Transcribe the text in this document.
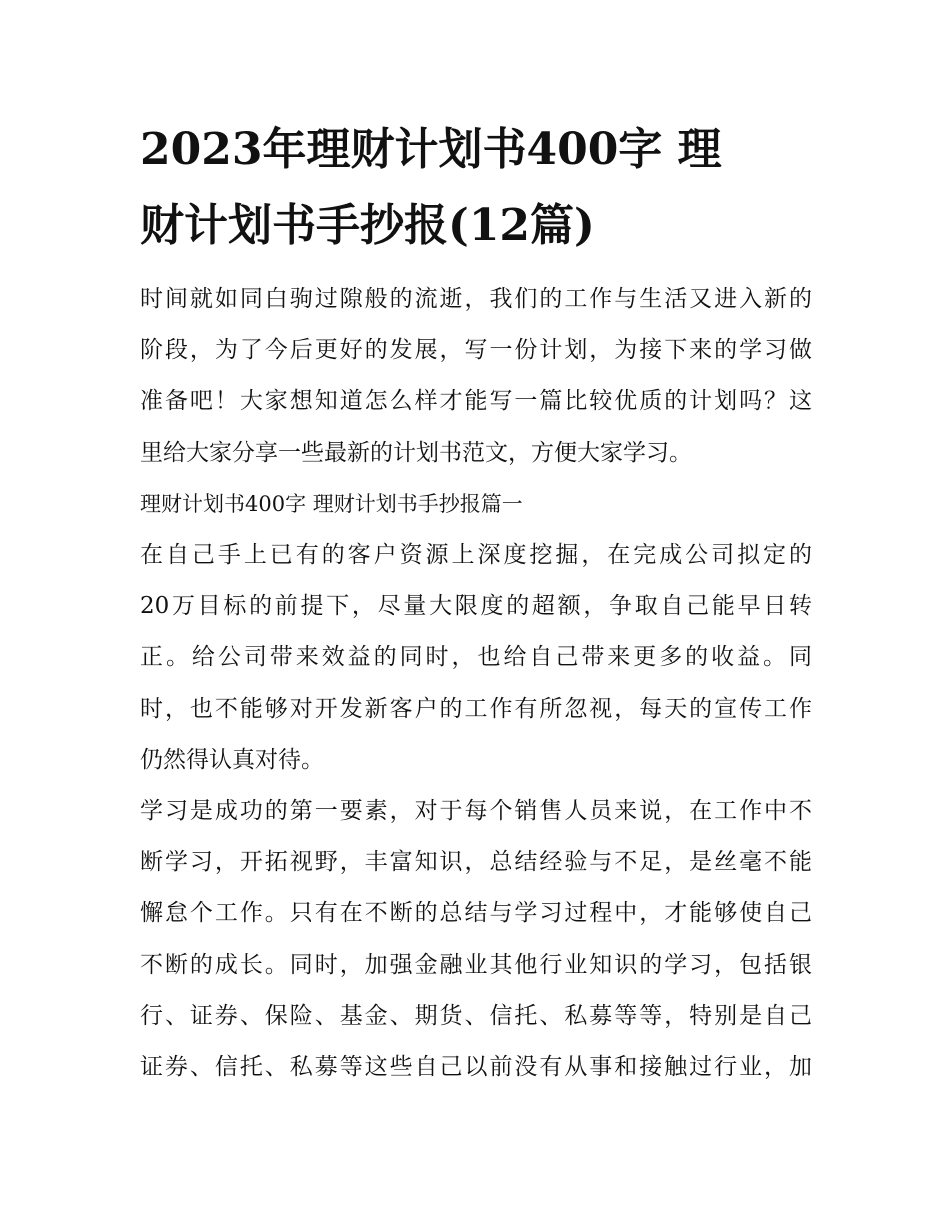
2023年理财计划书400字 理
财计划书手抄报(12篇)
时间就如同白驹过隙般的流逝，我们的工作与生活又进入新的
阶段，为了今后更好的发展，写一份计划，为接下来的学习做
准备吧！大家想知道怎么样才能写一篇比较优质的计划吗？这
里给大家分享一些最新的计划书范文，方便大家学习。
理财计划书400字 理财计划书手抄报篇一
在自己手上已有的客户资源上深度挖掘，在完成公司拟定的
20万目标的前提下，尽量大限度的超额，争取自己能早日转
正。给公司带来效益的同时，也给自己带来更多的收益。同
时，也不能够对开发新客户的工作有所忽视，每天的宣传工作
仍然得认真对待。
学习是成功的第一要素，对于每个销售人员来说，在工作中不
断学习，开拓视野，丰富知识，总结经验与不足，是丝毫不能
懈怠个工作。只有在不断的总结与学习过程中，才能够使自己
不断的成长。同时，加强金融业其他行业知识的学习，包括银
行、证券、保险、基金、期货、信托、私募等等，特别是自己
证券、信托、私募等这些自己以前没有从事和接触过行业，加
